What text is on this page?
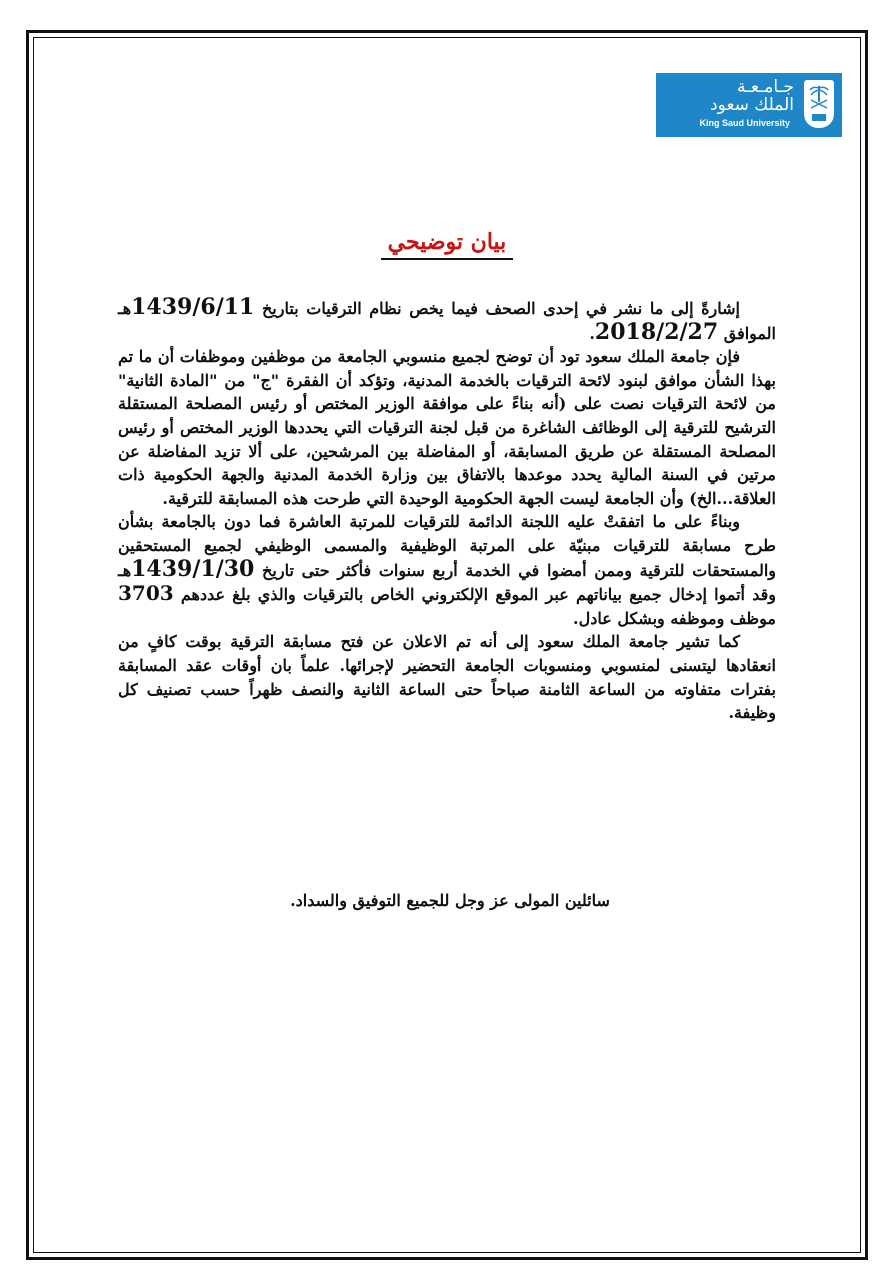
جـامـعـة
الملك سعود
King Saud University
بيان توضيحي

إشارةً إلى ما نشر في إحدى الصحف فيما يخص نظام الترقيات بتاريخ 1439/6/11هـ الموافق 2018/2/27.

فإن جامعة الملك سعود تود أن توضح لجميع منسوبي الجامعة من موظفين وموظفات أن ما تم بهذا الشأن موافق لبنود لائحة الترقيات بالخدمة المدنية، وتؤكد أن الفقرة "ج" من "المادة الثانية" من لائحة الترقيات نصت على (أنه بناءً على موافقة الوزير المختص أو رئيس المصلحة المستقلة الترشيح للترقية إلى الوظائف الشاغرة من قبل لجنة الترقيات التي يحددها الوزير المختص أو رئيس المصلحة المستقلة عن طريق المسابقة، أو المفاضلة بين المرشحين، على ألا تزيد المفاضلة عن مرتين في السنة المالية يحدد موعدها بالاتفاق بين وزارة الخدمة المدنية والجهة الحكومية ذات العلاقة...الخ) وأن الجامعة ليست الجهة الحكومية الوحيدة التي طرحت هذه المسابقة للترقية.

وبناءً على ما اتفقتْ عليه اللجنة الدائمة للترقيات للمرتبة العاشرة فما دون بالجامعة بشأن طرح مسابقة للترقيات مبنيّة على المرتبة الوظيفية والمسمى الوظيفي لجميع المستحقين والمستحقات للترقية وممن أمضوا في الخدمة أربع سنوات فأكثر حتى تاريخ 1439/1/30هـ وقد أتموا إدخال جميع بياناتهم عبر الموقع الإلكتروني الخاص بالترقيات والذي بلغ عددهم 3703 موظف وموظفه وبشكل عادل.

كما تشير جامعة الملك سعود إلى أنه تم الاعلان عن فتح مسابقة الترقية بوقت كافٍ من انعقادها ليتسنى لمنسوبي ومنسوبات الجامعة التحضير لإجرائها. علماً بان أوقات عقد المسابقة بفترات متفاوته من الساعة الثامنة صباحاً حتى الساعة الثانية والنصف ظهراً حسب تصنيف كل وظيفة.

سائلين المولى عز وجل للجميع التوفيق والسداد.
